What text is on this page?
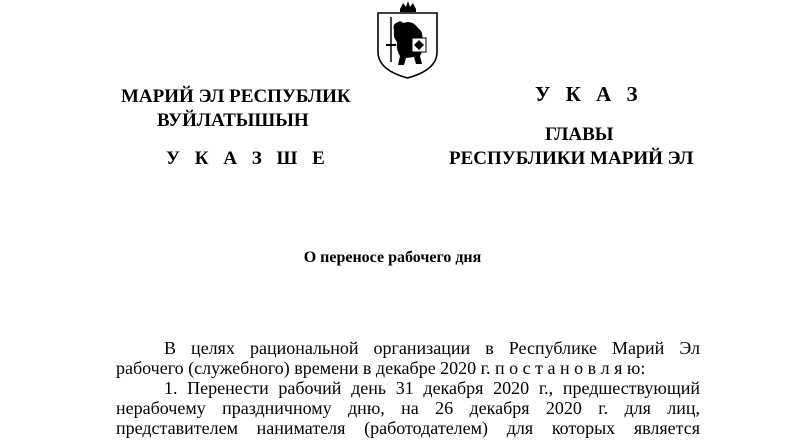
МАРИЙ ЭЛ РЕСПУБЛИК
ВУЙЛАТЫШЫН
У К А З Ш Е
У К А З
ГЛАВЫ
РЕСПУБЛИКИ МАРИЙ ЭЛ
О переносе рабочего дня

В целях рациональной организации в Республике Марий Эл

рабочего (служебного) времени в декабре 2020 г. п о с т а н о в л я ю:

1. Перенести рабочий день 31 декабря 2020 г., предшествующий

нерабочему праздничному дню, на 26 декабря 2020 г. для лиц,

представителем нанимателя (работодателем) для которых является
